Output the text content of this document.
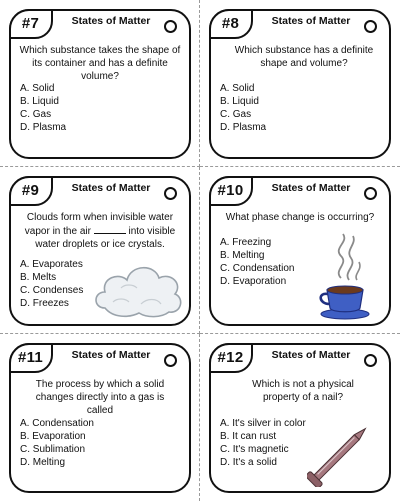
#7	States of Matter
Which substance takes the shape of its container and has a definite volume?
A. Solid
B. Liquid
C. Gas
D. Plasma
#8	States of Matter
Which substance has a definite shape and volume?
A. Solid
B. Liquid
C. Gas
D. Plasma
#9	States of Matter
Clouds form when invisible water vapor in the air	into visible water droplets or ice crystals.
A. Evaporates
B. Melts
C. Condenses
D. Freezes
#10	States of Matter
What phase change is occurring?
A. Freezing
B. Melting
C. Condensation
D. Evaporation
#11	States of Matter
The process by which a solid changes directly into a gas is called
A. Condensation
B. Evaporation
C. Sublimation
D. Melting
#12	States of Matter
Which is not a physical property of a nail?
A. It's silver in color
B. It can rust
C. It's magnetic
D. It's a solid
